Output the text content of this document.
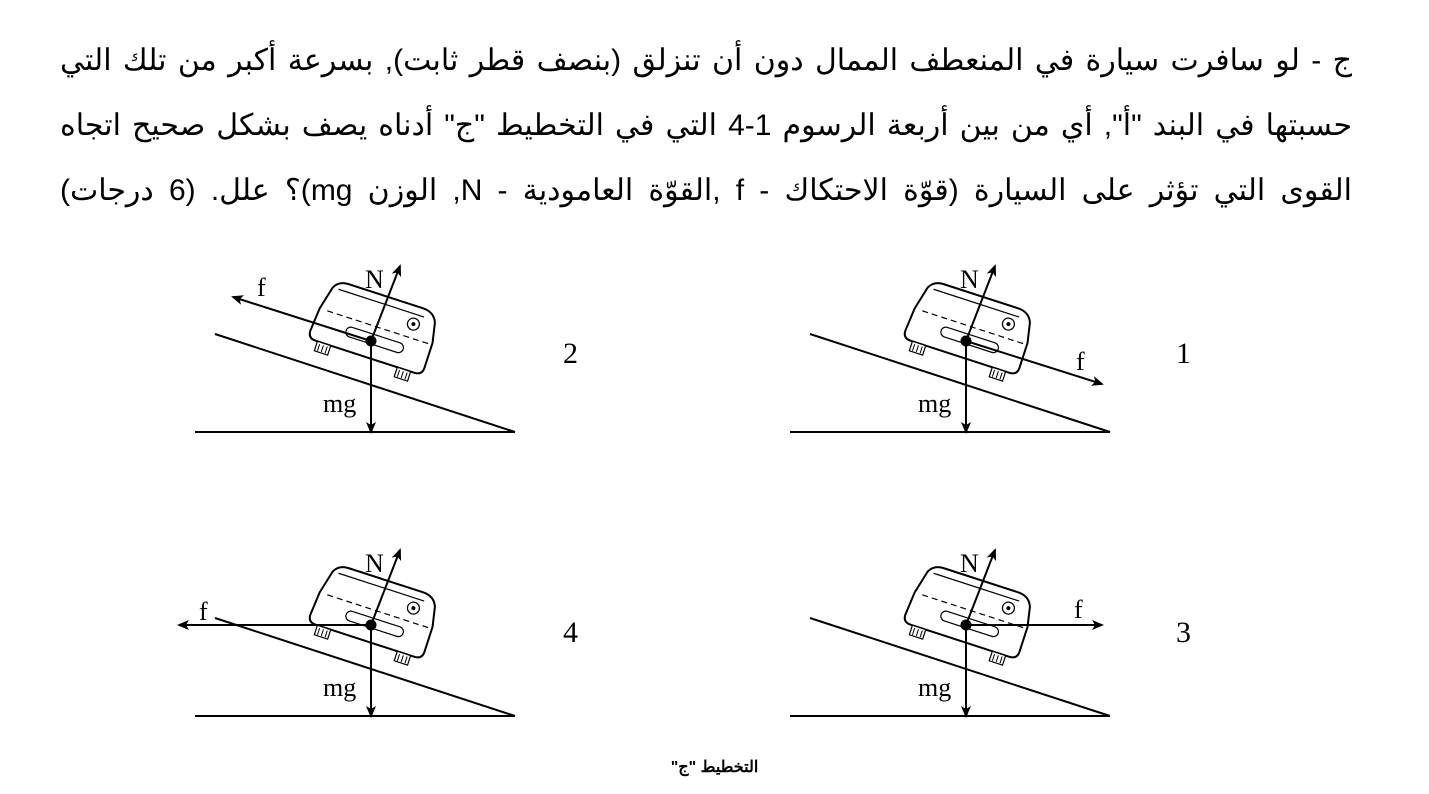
ج - لو سافرت سيارة في المنعطف الممال دون أن تنزلق (بنصف قطر ثابت), بسرعة أكبر من تلك التي

حسبتها في البند "أ", أي من بين أربعة الرسوم 1-4 التي في التخطيط "ج" أدناه يصف بشكل صحيح اتجاه

القوى التي تؤثر على السيارة (قوّة الاحتكاك - f ,القوّة العامودية - N, الوزن mg)؟ علل. (6 درجات)

N
f
mg
1
N
f
mg
2
N
f
mg
3
N
f
mg
4
التخطيط "ج"
